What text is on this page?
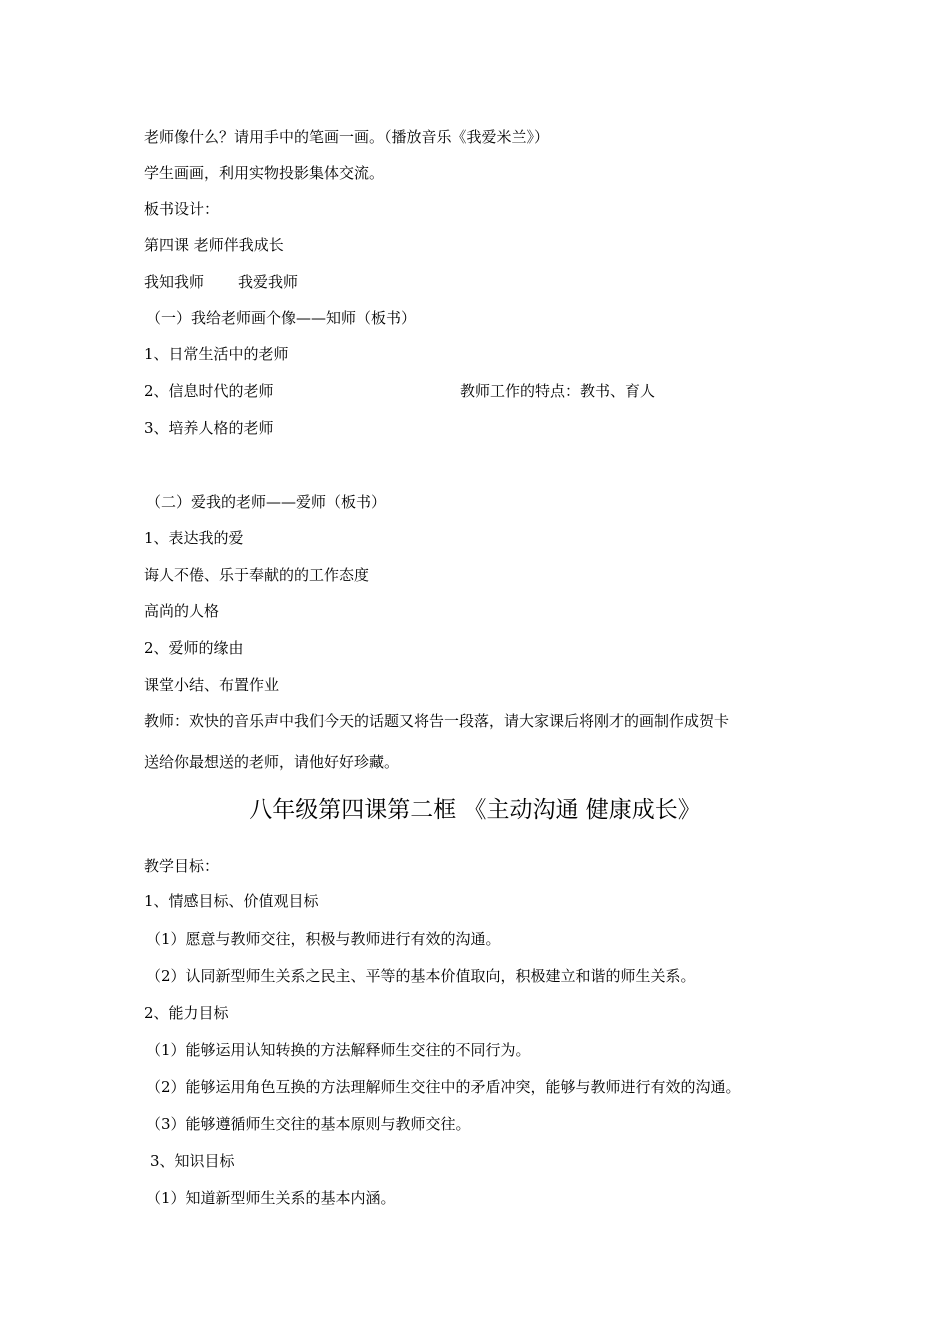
老师像什么？请用手中的笔画一画。（播放音乐《我爱米兰》）
学生画画，利用实物投影集体交流。
板书设计：
第四课 老师伴我成长
我知我师 我爱我师
（一）我给老师画个像——知师（板书）
1、日常生活中的老师
2、信息时代的老师	教师工作的特点：教书、育人
3、培养人格的老师
（二）爱我的老师——爱师（板书）
1、表达我的爱
诲人不倦、乐于奉献的的工作态度
高尚的人格
2、爱师的缘由
课堂小结、布置作业
教师：欢快的音乐声中我们今天的话题又将告一段落，请大家课后将刚才的画制作成贺卡
送给你最想送的老师，请他好好珍藏。
八年级第四课第二框 《主动沟通 健康成长》
教学目标：
1、情感目标、价值观目标
（1）愿意与教师交往，积极与教师进行有效的沟通。
（2）认同新型师生关系之民主、平等的基本价值取向，积极建立和谐的师生关系。
2、能力目标
（1）能够运用认知转换的方法解释师生交往的不同行为。
（2）能够运用角色互换的方法理解师生交往中的矛盾冲突，能够与教师进行有效的沟通。
（3）能够遵循师生交往的基本原则与教师交往。
3、知识目标
（1）知道新型师生关系的基本内涵。
